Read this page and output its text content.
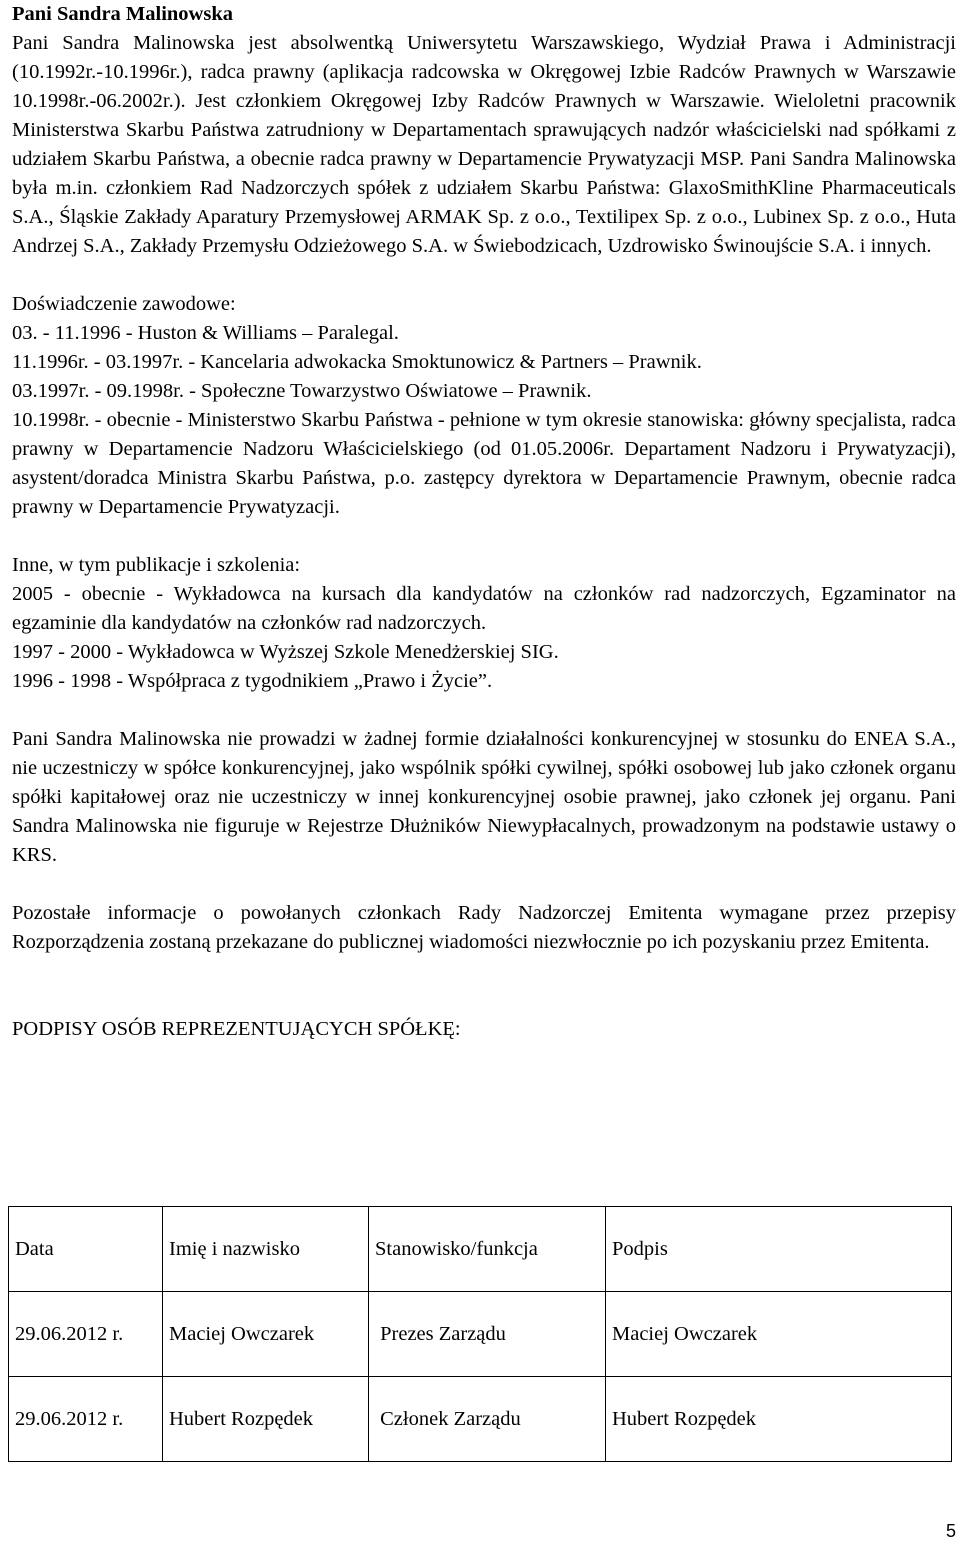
Pani Sandra Malinowska

Pani Sandra Malinowska jest absolwentką Uniwersytetu Warszawskiego, Wydział Prawa i Administracji (10.1992r.-10.1996r.), radca prawny (aplikacja radcowska w Okręgowej Izbie Radców Prawnych w Warszawie 10.1998r.-06.2002r.). Jest członkiem Okręgowej Izby Radców Prawnych w Warszawie. Wieloletni pracownik Ministerstwa Skarbu Państwa zatrudniony w Departamentach sprawujących nadzór właścicielski nad spółkami z udziałem Skarbu Państwa, a obecnie radca prawny w Departamencie Prywatyzacji MSP. Pani Sandra Malinowska była m.in. członkiem Rad Nadzorczych spółek z udziałem Skarbu Państwa: GlaxoSmithKline Pharmaceuticals S.A., Śląskie Zakłady Aparatury Przemysłowej ARMAK Sp. z o.o., Textilipex Sp. z o.o., Lubinex Sp. z o.o., Huta Andrzej S.A., Zakłady Przemysłu Odzieżowego S.A. w Świebodzicach, Uzdrowisko Świnoujście S.A. i innych.

Doświadczenie zawodowe:

03. - 11.1996 - Huston & Williams – Paralegal.

11.1996r. - 03.1997r. - Kancelaria adwokacka Smoktunowicz & Partners – Prawnik.

03.1997r. - 09.1998r. - Społeczne Towarzystwo Oświatowe – Prawnik.

10.1998r. - obecnie - Ministerstwo Skarbu Państwa - pełnione w tym okresie stanowiska: główny specjalista, radca prawny w Departamencie Nadzoru Właścicielskiego (od 01.05.2006r. Departament Nadzoru i Prywatyzacji), asystent/doradca Ministra Skarbu Państwa, p.o. zastępcy dyrektora w Departamencie Prawnym, obecnie radca prawny w Departamencie Prywatyzacji.

Inne, w tym publikacje i szkolenia:

2005 - obecnie - Wykładowca na kursach dla kandydatów na członków rad nadzorczych, Egzaminator na egzaminie dla kandydatów na członków rad nadzorczych.

1997 - 2000 - Wykładowca w Wyższej Szkole Menedżerskiej SIG.

1996 - 1998 - Współpraca z tygodnikiem „Prawo i Życie”.

Pani Sandra Malinowska nie prowadzi w żadnej formie działalności konkurencyjnej w stosunku do ENEA S.A., nie uczestniczy w spółce konkurencyjnej, jako wspólnik spółki cywilnej, spółki osobowej lub jako członek organu spółki kapitałowej oraz nie uczestniczy w innej konkurencyjnej osobie prawnej, jako członek jej organu. Pani Sandra Malinowska nie figuruje w Rejestrze Dłużników Niewypłacalnych, prowadzonym na podstawie ustawy o KRS.

Pozostałe informacje o powołanych członkach Rady Nadzorczej Emitenta wymagane przez przepisy Rozporządzenia zostaną przekazane do publicznej wiadomości niezwłocznie po ich pozyskaniu przez Emitenta.

PODPISY OSÓB REPREZENTUJĄCYCH SPÓŁKĘ:

Data	Imię i nazwisko	Stanowisko/funkcja	Podpis
29.06.2012 r.	Maciej Owczarek	Prezes Zarządu	Maciej Owczarek
29.06.2012 r.	Hubert Rozpędek	Członek Zarządu	Hubert Rozpędek
5
